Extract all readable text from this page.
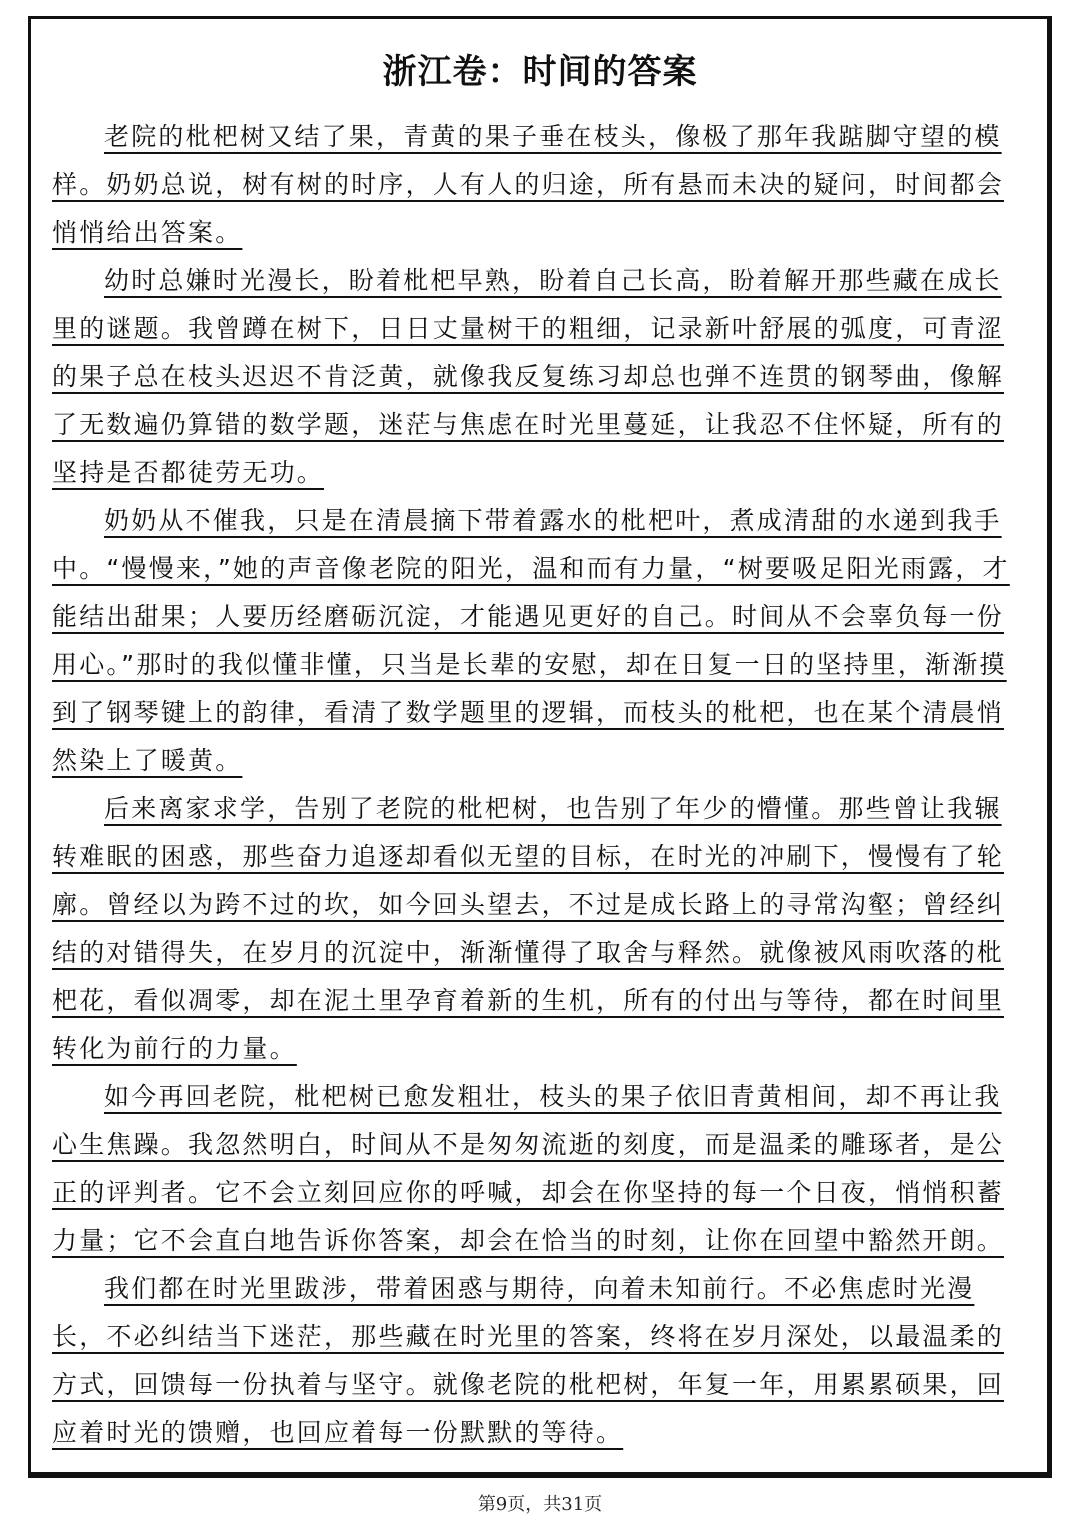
浙江卷：时间的答案

老院的枇杷树又结了果，青黄的果子垂在枝头，像极了那年我踮脚守望的模样。奶奶总说，树有树的时序，人有人的归途，所有悬而未决的疑问，时间都会悄悄给出答案。

幼时总嫌时光漫长，盼着枇杷早熟，盼着自己长高，盼着解开那些藏在成长里的谜题。我曾蹲在树下，日日丈量树干的粗细，记录新叶舒展的弧度，可青涩的果子总在枝头迟迟不肯泛黄，就像我反复练习却总也弹不连贯的钢琴曲，像解了无数遍仍算错的数学题，迷茫与焦虑在时光里蔓延，让我忍不住怀疑，所有的坚持是否都徒劳无功。

奶奶从不催我，只是在清晨摘下带着露水的枇杷叶，煮成清甜的水递到我手中。“慢慢来，”她的声音像老院的阳光，温和而有力量，“树要吸足阳光雨露，才能结出甜果；人要历经磨砺沉淀，才能遇见更好的自己。时间从不会辜负每一份用心。”那时的我似懂非懂，只当是长辈的安慰，却在日复一日的坚持里，渐渐摸到了钢琴键上的韵律，看清了数学题里的逻辑，而枝头的枇杷，也在某个清晨悄然染上了暖黄。

后来离家求学，告别了老院的枇杷树，也告别了年少的懵懂。那些曾让我辗转难眠的困惑，那些奋力追逐却看似无望的目标，在时光的冲刷下，慢慢有了轮廓。曾经以为跨不过的坎，如今回头望去，不过是成长路上的寻常沟壑；曾经纠结的对错得失，在岁月的沉淀中，渐渐懂得了取舍与释然。就像被风雨吹落的枇杷花，看似凋零，却在泥土里孕育着新的生机，所有的付出与等待，都在时间里转化为前行的力量。

如今再回老院，枇杷树已愈发粗壮，枝头的果子依旧青黄相间，却不再让我心生焦躁。我忽然明白，时间从不是匆匆流逝的刻度，而是温柔的雕琢者，是公正的评判者。它不会立刻回应你的呼喊，却会在你坚持的每一个日夜，悄悄积蓄力量；它不会直白地告诉你答案，却会在恰当的时刻，让你在回望中豁然开朗。

我们都在时光里跋涉，带着困惑与期待，向着未知前行。不必焦虑时光漫长，不必纠结当下迷茫，那些藏在时光里的答案，终将在岁月深处，以最温柔的方式，回馈每一份执着与坚守。就像老院的枇杷树，年复一年，用累累硕果，回应着时光的馈赠，也回应着每一份默默的等待。

第9页，共31页
